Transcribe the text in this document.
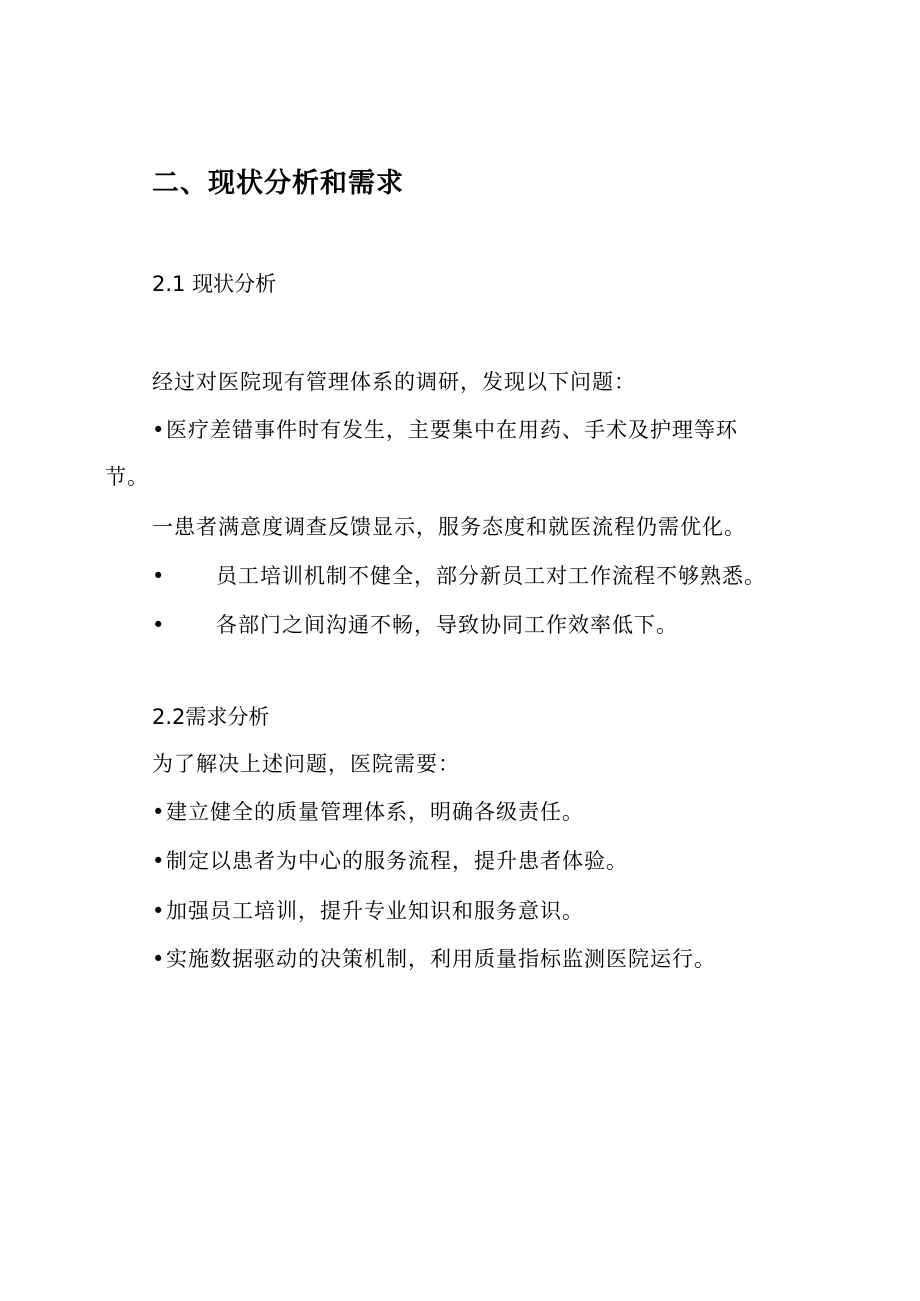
二、现状分析和需求
2.1 现状分析
经过对医院现有管理体系的调研，发现以下问题：
•医疗差错事件时有发生，主要集中在用药、手术及护理等环
节。
一患者满意度调查反馈显示，服务态度和就医流程仍需优化。
• 员工培训机制不健全，部分新员工对工作流程不够熟悉。
• 各部门之间沟通不畅，导致协同工作效率低下。
2.2需求分析
为了解决上述问题，医院需要：
•建立健全的质量管理体系，明确各级责任。
•制定以患者为中心的服务流程，提升患者体验。
•加强员工培训，提升专业知识和服务意识。
•实施数据驱动的决策机制，利用质量指标监测医院运行。
